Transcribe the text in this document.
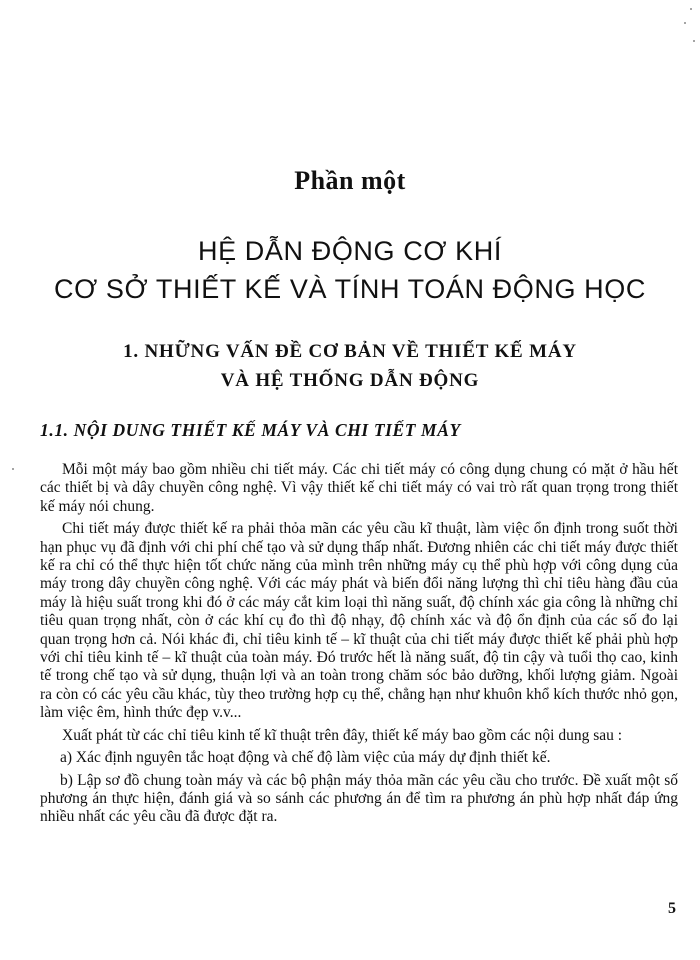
Phần một
HỆ DẪN ĐỘNG CƠ KHÍ
CƠ SỞ THIẾT KẾ VÀ TÍNH TOÁN ĐỘNG HỌC
1. NHỮNG VẤN ĐỀ CƠ BẢN VỀ THIẾT KẾ MÁY
VÀ HỆ THỐNG DẪN ĐỘNG
1.1. NỘI DUNG THIẾT KẾ MÁY VÀ CHI TIẾT MÁY

Mỗi một máy bao gồm nhiều chi tiết máy. Các chi tiết máy có công dụng chung có mặt ở hầu hết các thiết bị và dây chuyền công nghệ. Vì vậy thiết kế chi tiết máy có vai trò rất quan trọng trong thiết kế máy nói chung.

Chi tiết máy được thiết kế ra phải thỏa mãn các yêu cầu kĩ thuật, làm việc ổn định trong suốt thời hạn phục vụ đã định với chi phí chế tạo và sử dụng thấp nhất. Đương nhiên các chi tiết máy được thiết kế ra chỉ có thể thực hiện tốt chức năng của mình trên những máy cụ thể phù hợp với công dụng của máy trong dây chuyền công nghệ. Với các máy phát và biến đổi năng lượng thì chỉ tiêu hàng đầu của máy là hiệu suất trong khi đó ở các máy cắt kim loại thì năng suất, độ chính xác gia công là những chỉ tiêu quan trọng nhất, còn ở các khí cụ đo thì độ nhạy, độ chính xác và độ ổn định của các số đo lại quan trọng hơn cả. Nói khác đi, chỉ tiêu kinh tế – kĩ thuật của chi tiết máy được thiết kế phải phù hợp với chỉ tiêu kinh tế – kĩ thuật của toàn máy. Đó trước hết là năng suất, độ tin cậy và tuổi thọ cao, kinh tế trong chế tạo và sử dụng, thuận lợi và an toàn trong chăm sóc bảo dưỡng, khối lượng giảm. Ngoài ra còn có các yêu cầu khác, tùy theo trường hợp cụ thể, chẳng hạn như khuôn khổ kích thước nhỏ gọn, làm việc êm, hình thức đẹp v.v...

Xuất phát từ các chỉ tiêu kinh tế kĩ thuật trên đây, thiết kế máy bao gồm các nội dung sau :

a) Xác định nguyên tắc hoạt động và chế độ làm việc của máy dự định thiết kế.

b) Lập sơ đồ chung toàn máy và các bộ phận máy thỏa mãn các yêu cầu cho trước. Đề xuất một số phương án thực hiện, đánh giá và so sánh các phương án để tìm ra phương án phù hợp nhất đáp ứng nhiều nhất các yêu cầu đã được đặt ra.

5
